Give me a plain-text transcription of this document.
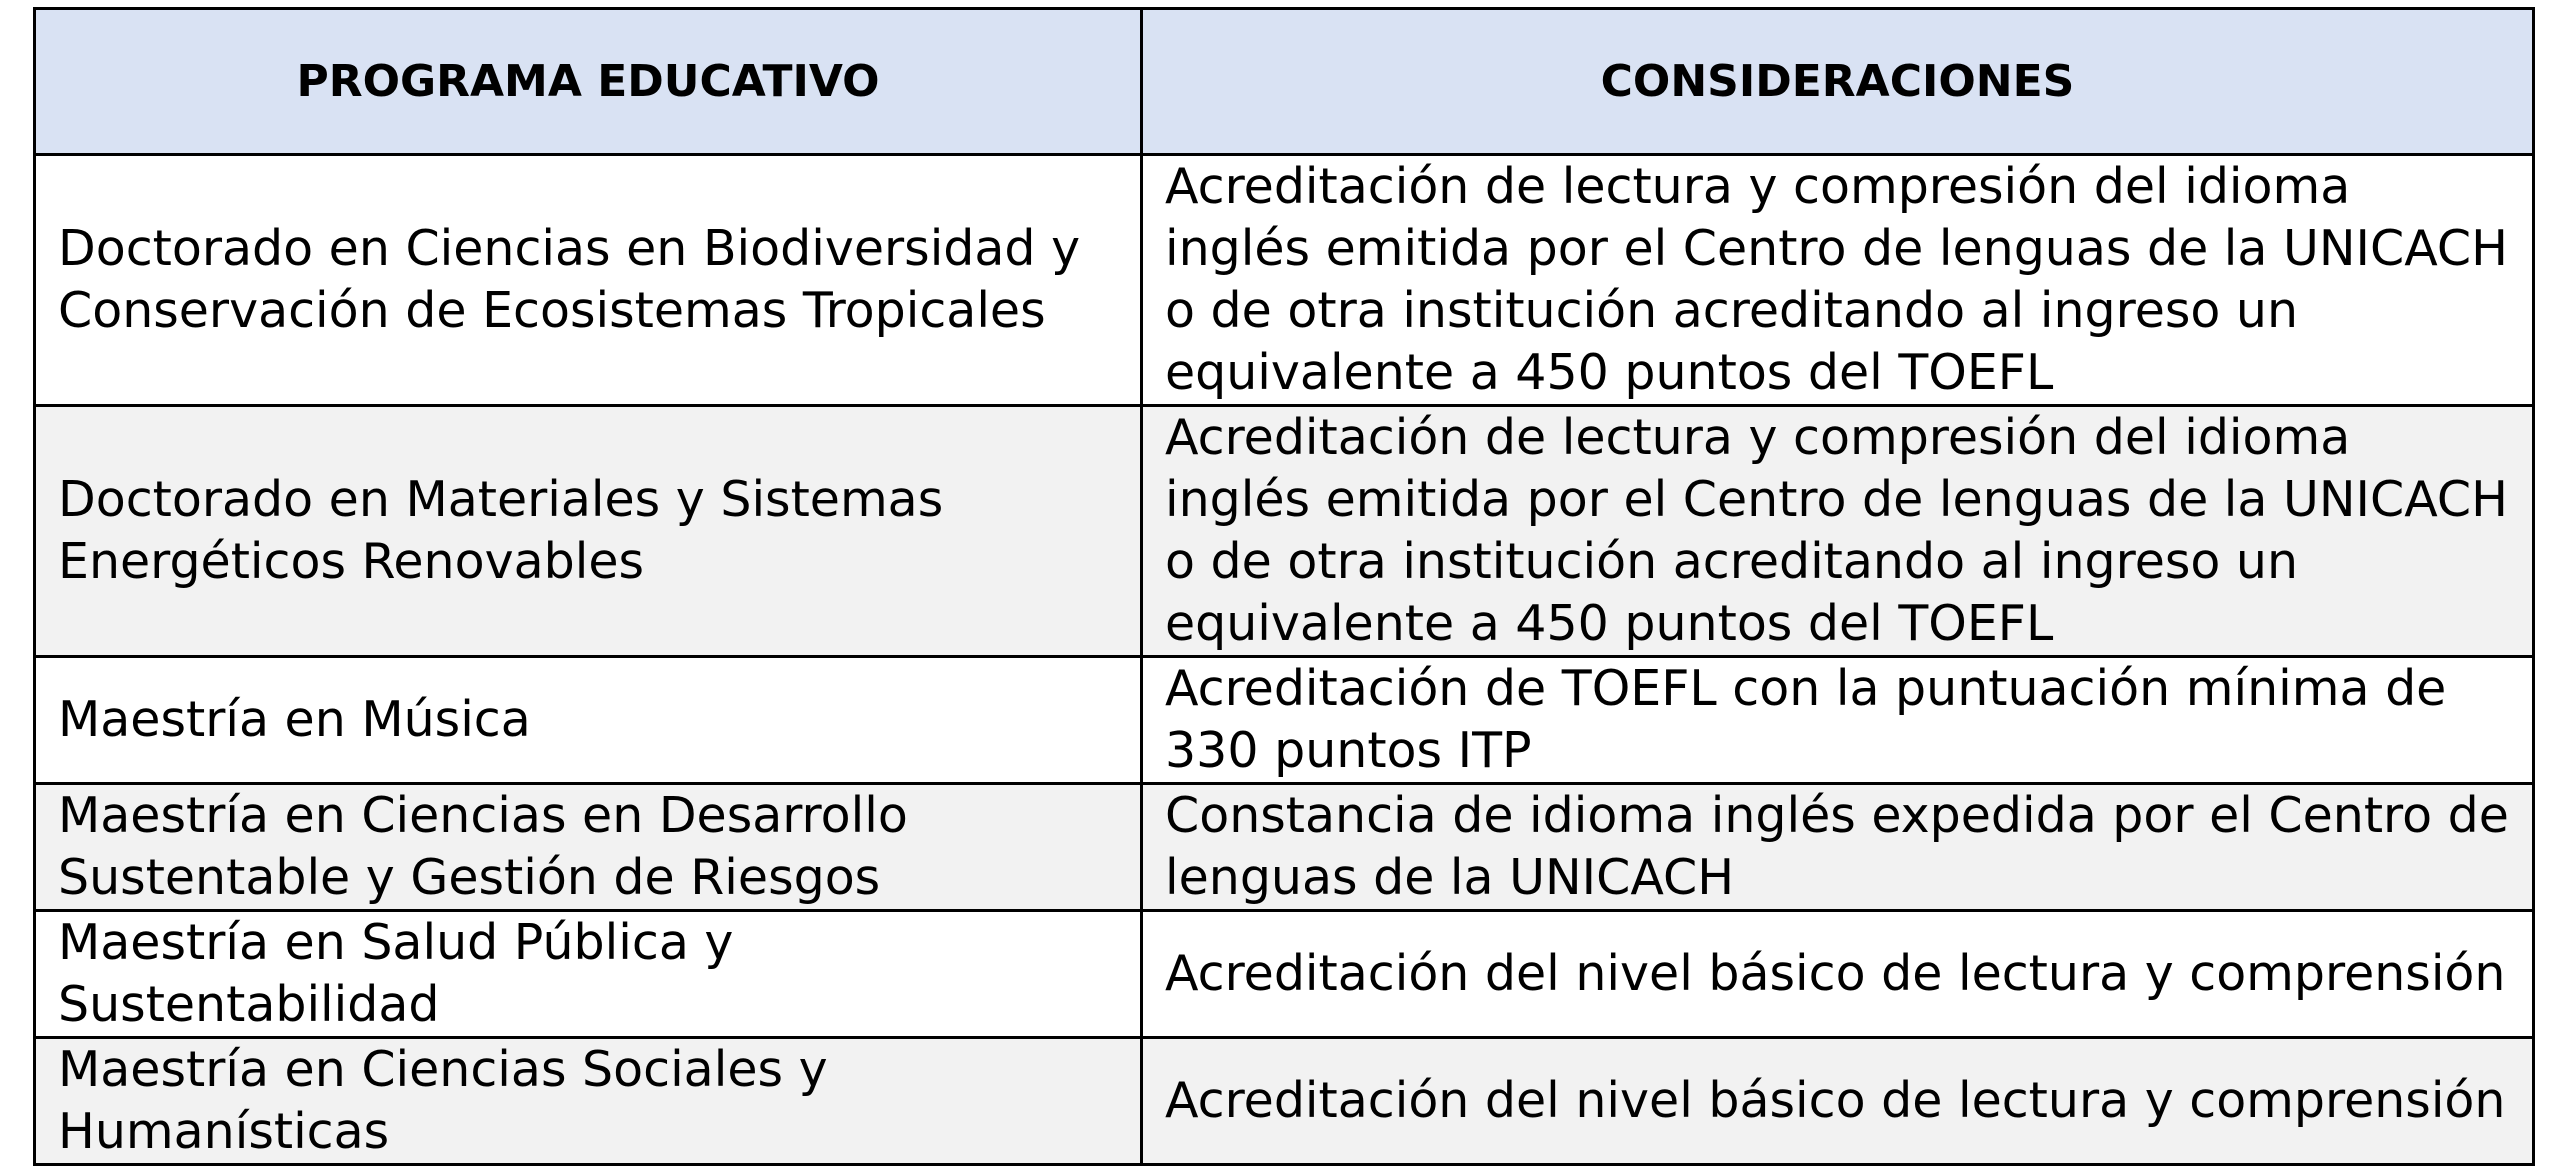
PROGRAMA EDUCATIVO	CONSIDERACIONES
Doctorado en Ciencias en Biodiversidad y Conservación de Ecosistemas Tropicales	Acreditación de lectura y compresión del idioma inglés emitida por el Centro de lenguas de la UNICACH o de otra institución acreditando al ingreso un equivalente a 450 puntos del TOEFL
Doctorado en Materiales y Sistemas Energéticos Renovables	Acreditación de lectura y compresión del idioma inglés emitida por el Centro de lenguas de la UNICACH o de otra institución acreditando al ingreso un equivalente a 450 puntos del TOEFL
Maestría en Música	Acreditación de TOEFL con la puntuación mínima de 330 puntos ITP
Maestría en Ciencias en Desarrollo Sustentable y Gestión de Riesgos	Constancia de idioma inglés expedida por el Centro de lenguas de la UNICACH
Maestría en Salud Pública y Sustentabilidad	Acreditación del nivel básico de lectura y comprensión
Maestría en Ciencias Sociales y Humanísticas	Acreditación del nivel básico de lectura y comprensión
